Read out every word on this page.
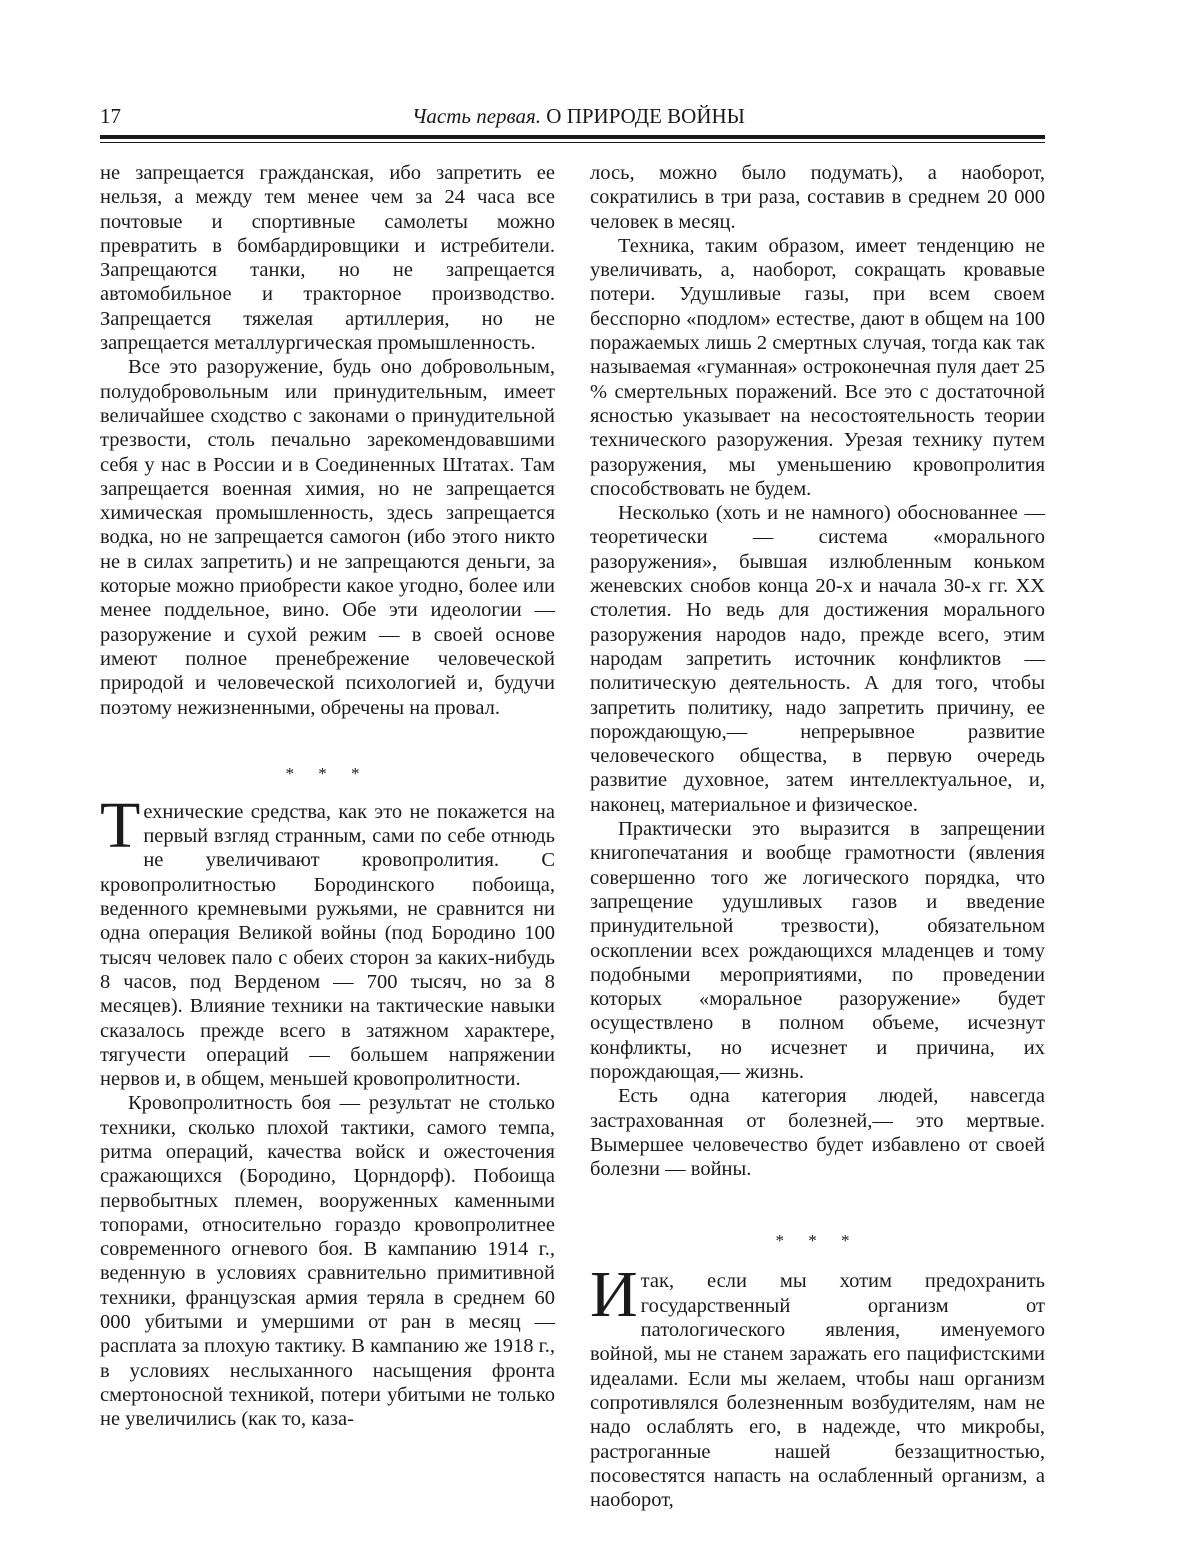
17	Часть первая. О ПРИРОДЕ ВОЙНЫ

не запрещается гражданская, ибо запретить ее нельзя, а между тем менее чем за 24 часа все почтовые и спортивные самолеты можно превратить в бомбардировщики и истребители. Запрещаются танки, но не запрещается автомобильное и тракторное производство. Запрещается тяжелая артиллерия, но не запрещается металлургическая промышленность.

Все это разоружение, будь оно добровольным, полудобровольным или принудительным, имеет величайшее сходство с законами о принудительной трезвости, столь печально зарекомендовавшими себя у нас в России и в Соединенных Штатах. Там запрещается военная химия, но не запрещается химическая промышленность, здесь запрещается водка, но не запрещается самогон (ибо этого никто не в силах запретить) и не запрещаются деньги, за которые можно приобрести какое угодно, более или менее поддельное, вино. Обе эти идеологии — разоружение и сухой режим — в своей основе имеют полное пренебрежение человеческой природой и человеческой психологией и, будучи поэтому нежизненными, обречены на провал.

* * *

Технические средства, как это не покажется на первый взгляд странным, сами по себе отнюдь не увеличивают кровопролития. С кровопролитностью Бородинского побоища, веденного кремневыми ружьями, не сравнится ни одна операция Великой войны (под Бородино 100 тысяч человек пало с обеих сторон за каких-нибудь 8 часов, под Верденом — 700 тысяч, но за 8 месяцев). Влияние техники на тактические навыки сказалось прежде всего в затяжном характере, тягучести операций — большем напряжении нервов и, в общем, меньшей кровопролитности.

Кровопролитность боя — результат не столько техники, сколько плохой тактики, самого темпа, ритма операций, качества войск и ожесточения сражающихся (Бородино, Цорндорф). Побоища первобытных племен, вооруженных каменными топорами, относительно гораздо кровопролитнее современного огневого боя. В кампанию 1914 г., веденную в условиях сравнительно примитивной техники, французская армия теряла в среднем 60 000 убитыми и умершими от ран в месяц — расплата за плохую тактику. В кампанию же 1918 г., в условиях неслыханного насыщения фронта смертоносной техникой, потери убитыми не только не увеличились (как то, каза-

лось, можно было подумать), а наоборот, сократились в три раза, составив в среднем 20 000 человек в месяц.

Техника, таким образом, имеет тенденцию не увеличивать, а, наоборот, сокращать кровавые потери. Удушливые газы, при всем своем бесспорно «подлом» естестве, дают в общем на 100 поражаемых лишь 2 смертных случая, тогда как так называемая «гуманная» остроконечная пуля дает 25 % смертельных поражений. Все это с достаточной ясностью указывает на несостоятельность теории технического разоружения. Урезая технику путем разоружения, мы уменьшению кровопролития способствовать не будем.

Несколько (хоть и не намного) обоснованнее — теоретически — система «морального разоружения», бывшая излюбленным коньком женевских снобов конца 20-х и начала 30-х гг. XX столетия. Но ведь для достижения морального разоружения народов надо, прежде всего, этим народам запретить источник конфликтов — политическую деятельность. А для того, чтобы запретить политику, надо запретить причину, ее порождающую,— непрерывное развитие человеческого общества, в первую очередь развитие духовное, затем интеллектуальное, и, наконец, материальное и физическое.

Практически это выразится в запрещении книгопечатания и вообще грамотности (явления совершенно того же логического порядка, что запрещение удушливых газов и введение принудительной трезвости), обязательном оскоплении всех рождающихся младенцев и тому подобными мероприятиями, по проведении которых «моральное разоружение» будет осуществлено в полном объеме, исчезнут конфликты, но исчезнет и причина, их порождающая,— жизнь.

Есть одна категория людей, навсегда застрахованная от болезней,— это мертвые. Вымершее человечество будет избавлено от своей болезни — войны.

* * *

Итак, если мы хотим предохранить государственный организм от патологического явления, именуемого войной, мы не станем заражать его пацифистскими идеалами. Если мы желаем, чтобы наш организм сопротивлялся болезненным возбудителям, нам не надо ослаблять его, в надежде, что микробы, растроганные нашей беззащитностью, посовестятся напасть на ослабленный организм, а наоборот,
